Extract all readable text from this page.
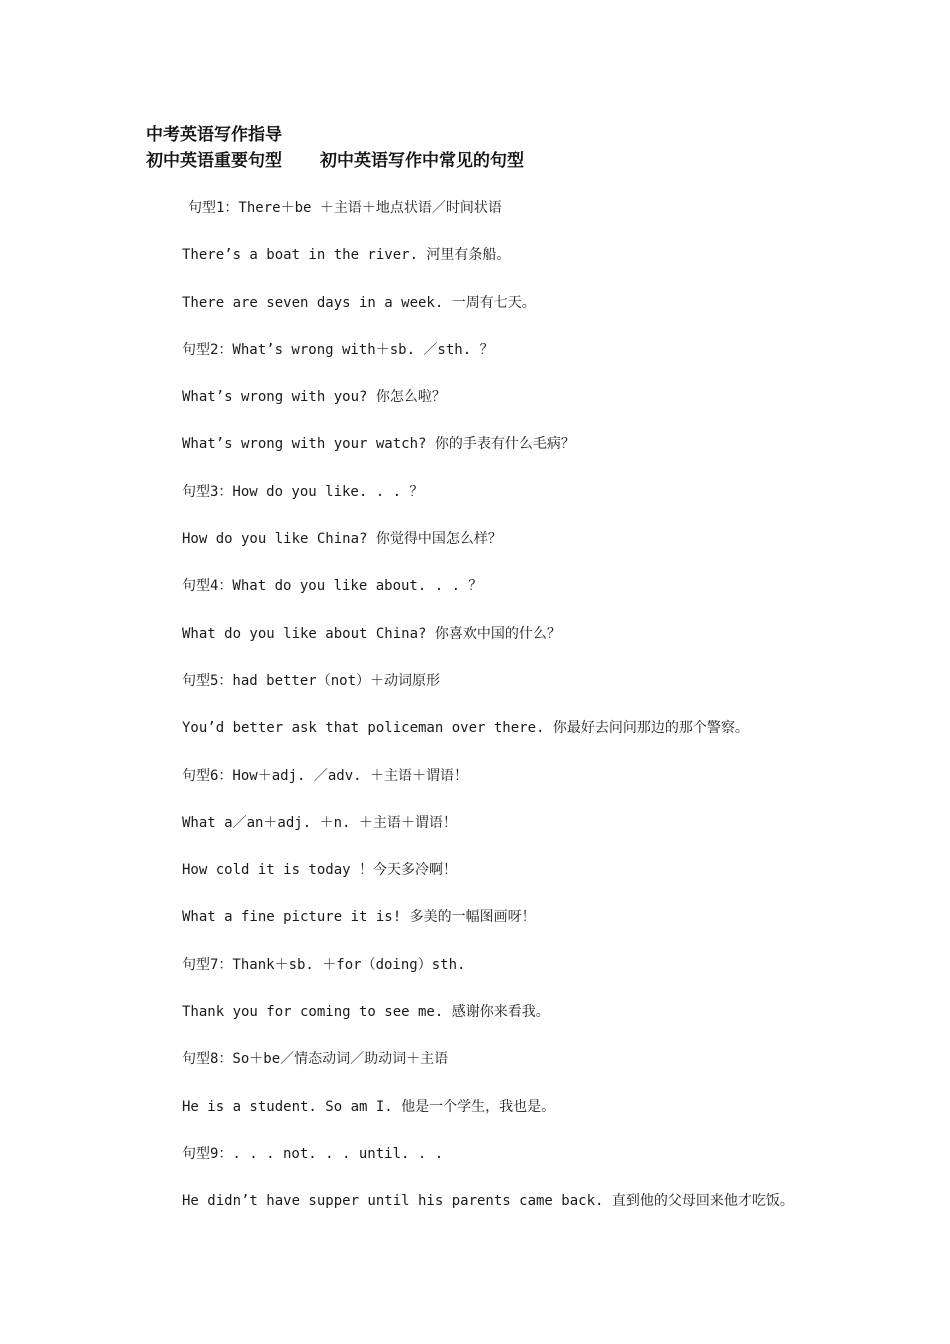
中考英语写作指导
初中英语重要句型 初中英语写作中常见的句型
句型1：There＋be ＋主语＋地点状语／时间状语
There’s a boat in the river. 河里有条船。
There are seven days in a week. 一周有七天。
句型2：What’s wrong with＋sb. ／sth. ？
What’s wrong with you? 你怎么啦？
What’s wrong with your watch? 你的手表有什么毛病？
句型3：How do you like. . . ？
How do you like China? 你觉得中国怎么样？
句型4：What do you like about. . . ？
What do you like about China? 你喜欢中国的什么？
句型5：had better（not）＋动词原形
You’d better ask that policeman over there. 你最好去问问那边的那个警察。
句型6：How＋adj. ／adv. ＋主语＋谓语！
What a／an＋adj. ＋n. ＋主语＋谓语！
How cold it is today ！今天多冷啊！
What a fine picture it is! 多美的一幅图画呀！
句型7：Thank＋sb. ＋for（doing）sth.
Thank you for coming to see me. 感谢你来看我。
句型8：So＋be／情态动词／助动词＋主语
He is a student. So am I. 他是一个学生，我也是。
句型9：. . . not. . . until. . .
He didn’t have supper until his parents came back. 直到他的父母回来他才吃饭。
